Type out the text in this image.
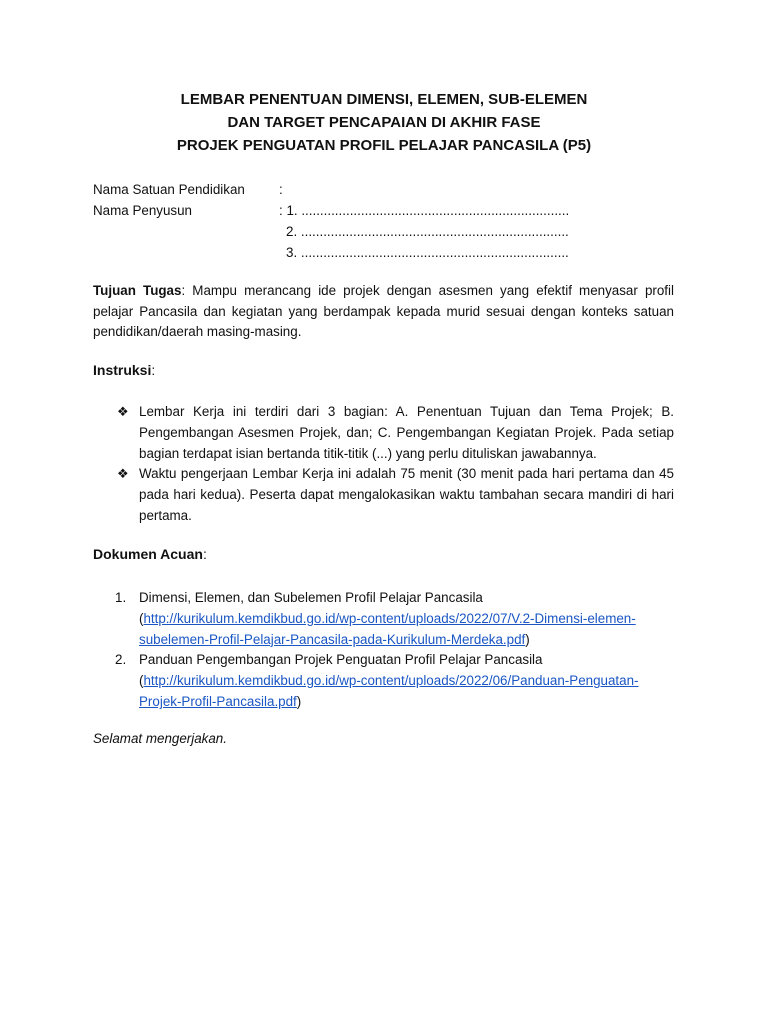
LEMBAR PENENTUAN DIMENSI, ELEMEN, SUB-ELEMEN
DAN TARGET PENCAPAIAN DI AKHIR FASE
PROJEK PENGUATAN PROFIL PELAJAR PANCASILA (P5)
Nama Satuan Pendidikan	:
Nama Penyusun	: 1. ........................................................................
2. ........................................................................
3. ........................................................................
Tujuan Tugas: Mampu merancang ide projek dengan asesmen yang efektif menyasar profil pelajar Pancasila dan kegiatan yang berdampak kepada murid sesuai dengan konteks satuan pendidikan/daerah masing-masing.
Instruksi:
❖ Lembar Kerja ini terdiri dari 3 bagian: A. Penentuan Tujuan dan Tema Projek; B. Pengembangan Asesmen Projek, dan; C. Pengembangan Kegiatan Projek. Pada setiap bagian terdapat isian bertanda titik-titik (...) yang perlu dituliskan jawabannya.
❖ Waktu pengerjaan Lembar Kerja ini adalah 75 menit (30 menit pada hari pertama dan 45 pada hari kedua). Peserta dapat mengalokasikan waktu tambahan secara mandiri di hari pertama.
Dokumen Acuan:
1. Dimensi, Elemen, dan Subelemen Profil Pelajar Pancasila
(http://kurikulum.kemdikbud.go.id/wp-content/uploads/2022/07/V.2-Dimensi-elemen-subelemen-Profil-Pelajar-Pancasila-pada-Kurikulum-Merdeka.pdf)
2. Panduan Pengembangan Projek Penguatan Profil Pelajar Pancasila
(http://kurikulum.kemdikbud.go.id/wp-content/uploads/2022/06/Panduan-Penguatan-Projek-Profil-Pancasila.pdf)
Selamat mengerjakan.
